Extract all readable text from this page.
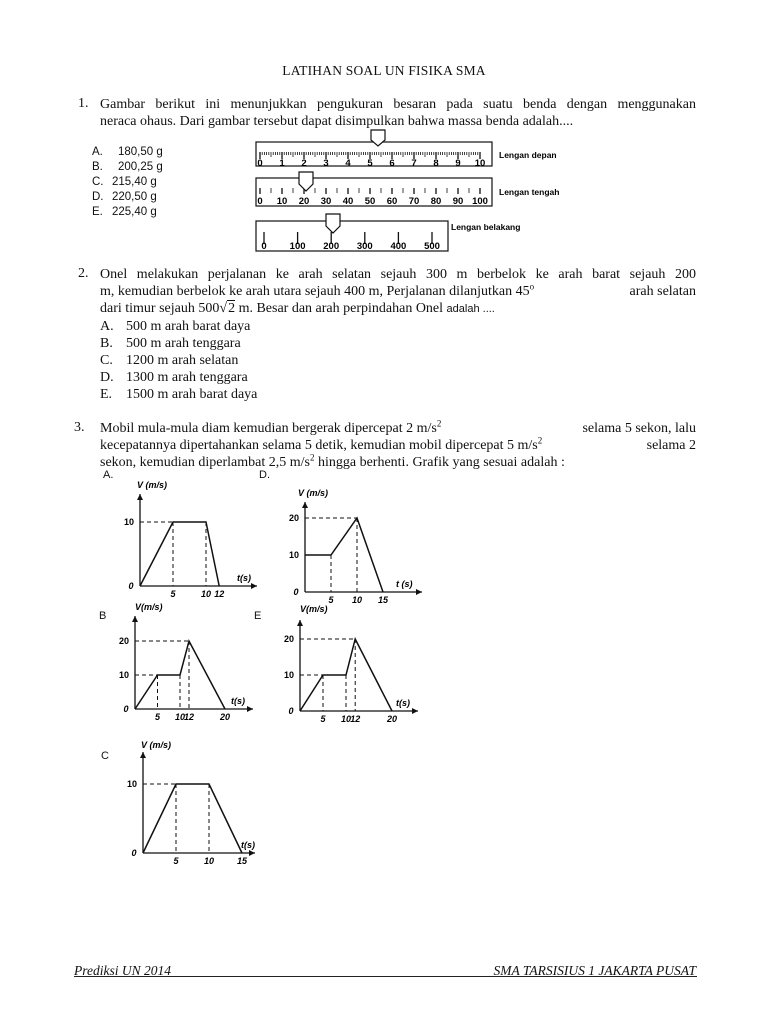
LATIHAN SOAL UN FISIKA SMA
1. Gambar berikut ini menunjukkan pengukuran besaran pada suatu benda dengan menggunakan
neraca ohaus. Dari gambar tersebut dapat disimpulkan bahwa massa benda adalah....
A. 180,50 g
B. 200,25 g
C. 215,40 g
D. 220,50 g
E. 225,40 g
0 1 2 3 4 5 6 7 8 9 10
Lengan depan
0 10 20 30 40 50 60 70 80 90 100
Lengan tengah
0 100 200 300 400 500
Lengan belakang
2. Onel melakukan perjalanan ke arah selatan sejauh 300 m berbelok ke arah barat sejauh 200
m, kemudian berbelok ke arah utara sejauh 400 m, Perjalanan dilanjutkan 45$^o$	arah selatan
dari timur sejauh 500√2 m. Besar dan arah perpindahan Onel adalah ....
A. 500 m arah barat daya
B. 500 m arah tenggara
C. 1200 m arah selatan
D. 1300 m arah tenggara
E. 1500 m arah barat daya
3. Mobil mula-mula diam kemudian bergerak dipercepat 2 $m/s^2$	selama 5 sekon, lalu
kecepatannya dipertahankan selama 5 detik, kemudian mobil dipercepat 5 $m/s^2$	selama 2
sekon, kemudian diperlambat 2,5 $m/s^2$ hingga berhenti. Grafik yang sesuai adalah :
A.	D.
B	E
C
V (m/s)
t(s)
0
10
5	10 12
V (m/s)
t (s)
0
20
10
5 10 15
V(m/s)
t(s)
0
20
10
5 10
12	20
V(m/s)
t(s)
0
20
10
5 10 12	20
V (m/s)
t(s)
0
10
5	10	15
Prediksi UN 2014	SMA TARSISIUS 1 JAKARTA PUSAT
